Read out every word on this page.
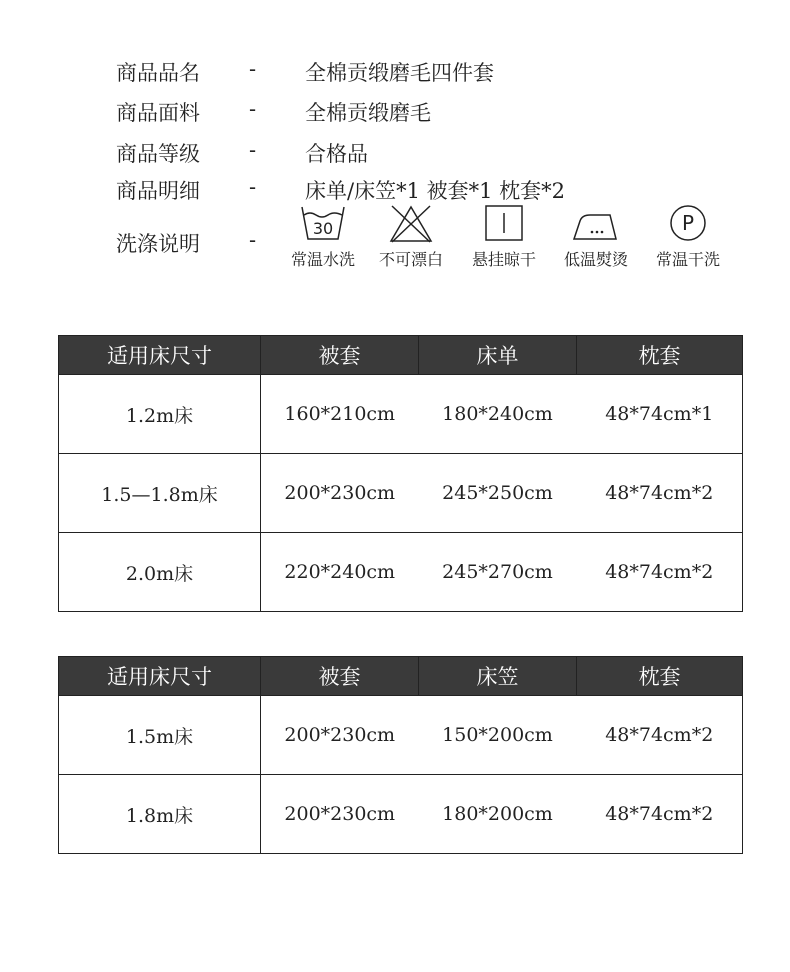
商品品名 - 全棉贡缎磨毛四件套
商品面料 - 全棉贡缎磨毛
商品等级 - 合格品
商品明细 - 床单/床笠*1 被套*1 枕套*2
洗涤说明 -	30
常温水洗	不可漂白	悬挂晾干	低温熨烫
P
常温干洗
适用床尺寸	被套	床单	枕套
1.2m床	160*210cm	180*240cm	48*74cm*1
1.5—1.8m床	200*230cm	245*250cm	48*74cm*2
2.0m床	220*240cm	245*270cm	48*74cm*2
适用床尺寸	被套	床笠	枕套
1.5m床	200*230cm	150*200cm	48*74cm*2
1.8m床	200*230cm	180*200cm	48*74cm*2
